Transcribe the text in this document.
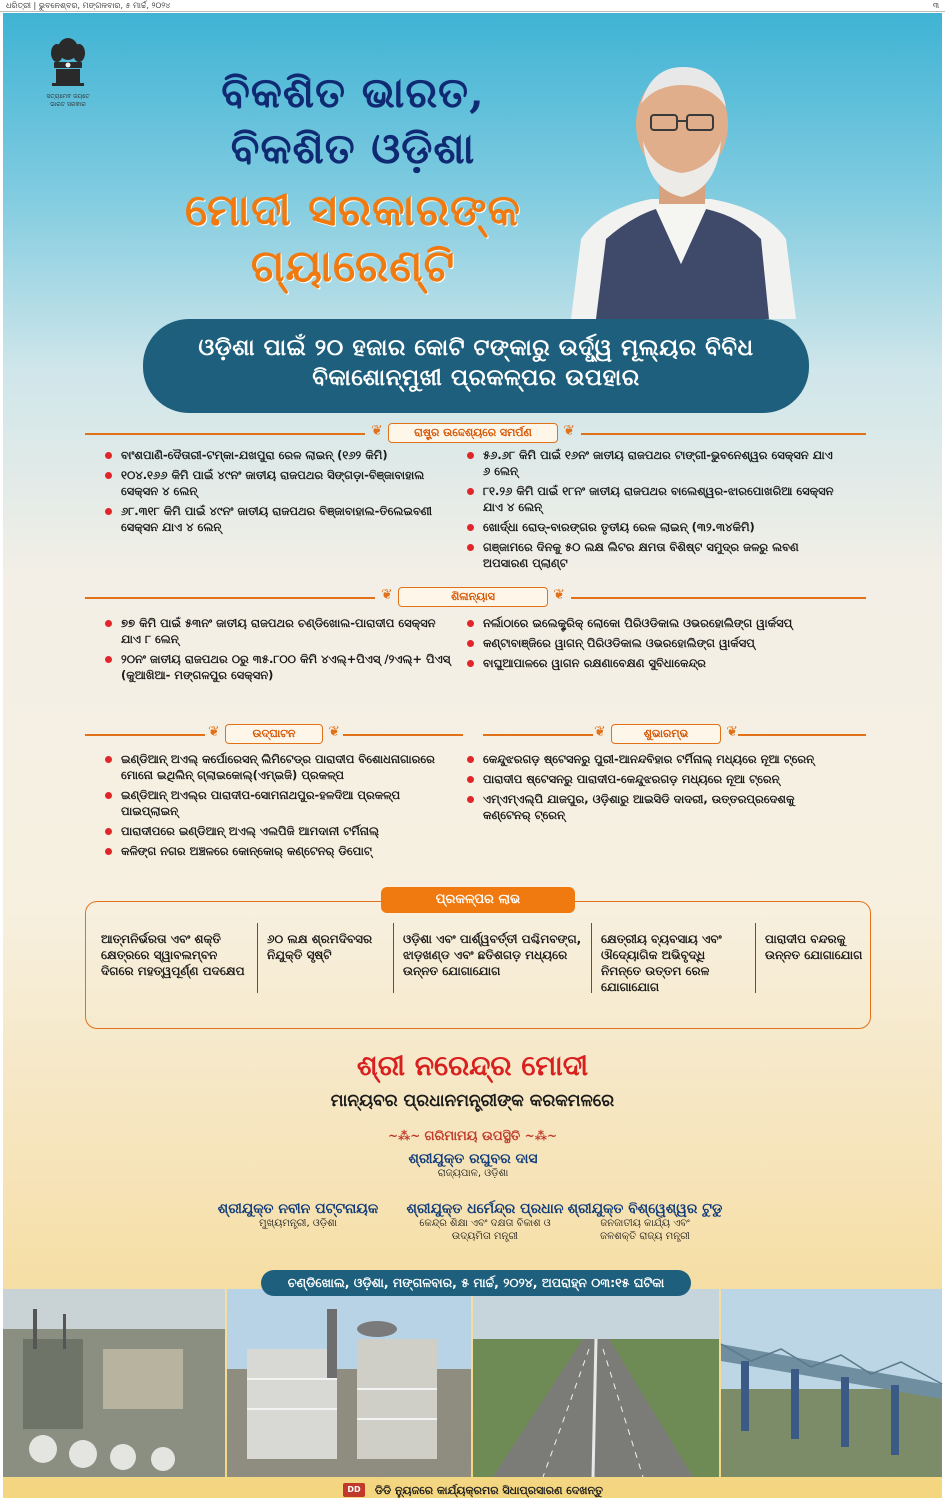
ଧରିତ୍ରୀ | ଭୁବନେଶ୍ବର, ମଙ୍ଗଳବାର, ୫ ମାର୍ଚ୍ଚ, ୨୦୨୪	୩
ସତ୍ୟମେବ ଜୟତେ
ଭାରତ ସରକାର	ବିକଶିତ ଭାରତ,
ବିକଶିତ ଓଡ଼ିଶା
ମୋଦୀ ସରକାରଙ୍କ
ଗ୍ୟାରେଣ୍ଟି
ଓଡ଼ିଶା ପାଇଁ ୨୦ ହଜାର କୋଟି ଟଙ୍କାରୁ ଉର୍ଦ୍ଧ୍ୱ ମୂଲ୍ୟର ବିବିଧ
ବିକାଶୋନ୍ମୁଖୀ ପ୍ରକଳ୍ପର ଉପହାର
❦ ରାଷ୍ଟ୍ର ଉଦ୍ଦେଶ୍ୟରେ ସମର୍ପଣ ❦
ବାଂଶପାଣି-ଦୈତାରୀ-ଟମ୍କା-ଯଖପୁରା ରେଳ ଲାଇନ୍ (୧୬୨ କିମି)
୧୦୪.୧୬୬ କିମି ପାଇଁ ୪୯ନଂ ଜାତୀୟ ରାଜପଥର ସିଙ୍ଗଡ଼ା-ବିଞ୍ଜାବାହାଲ ସେକ୍ସନ ୪ ଲେନ୍
୬୮.୩୧୮ କିମି ପାଇଁ ୪୯ନଂ ଜାତୀୟ ରାଜପଥର ବିଞ୍ଜାବାହାଲ-ତିଲେଇବଣୀ ସେକ୍ସନ ଯାଏ ୪ ଲେନ୍
୫୬.୬୮ କିମି ପାଇଁ ୧୬ନଂ ଜାତୀୟ ରାଜପଥର ଟାଙ୍ଗୀ-ଭୁବନେଶ୍ୱର ସେକ୍ସନ ଯାଏ ୬ ଲେନ୍
୮୧.୨୬ କିମି ପାଇଁ ୧୮ନଂ ଜାତୀୟ ରାଜପଥର ବାଲେଶ୍ୱର-ଝାରପୋଖରିଆ ସେକ୍ସନ ଯାଏ ୪ ଲେନ୍
ଖୋର୍ଦ୍ଧା ରୋଡ୍-ବାରଙ୍ଗର ତୃତୀୟ ରେଳ ଲାଇନ୍ (୩୨.୩୪କିମି)
ଗଞ୍ଜାମରେ ଦିନକୁ ୫୦ ଲକ୍ଷ ଲିଟର କ୍ଷମତା ବିଶିଷ୍ଟ ସମୁଦ୍ର ଜଳରୁ ଲବଣ ଅପସାରଣ ପ୍ଲାଣ୍ଟ
❦ ଶିଳାନ୍ୟାସ ❦
୭୭ କିମି ପାଇଁ ୫୩ନଂ ଜାତୀୟ ରାଜପଥର ଚଣ୍ଡିଖୋଲ-ପାରାଦୀପ ସେକ୍ସନ ଯାଏ ୮ ଲେନ୍
୨୦ନଂ ଜାତୀୟ ରାଜପଥର ୦ରୁ ୩୫.୮୦୦ କିମି ୪ଏଲ୍+ପିଏସ୍ /୨ଏଲ୍+ ପିଏସ୍ (କୁଆଖିଆ- ମଙ୍ଗଳପୁର ସେକ୍ସନ)
ନର୍ଲାଠାରେ ଇଲେକ୍ଟ୍ରିକ୍ ଲୋକୋ ପିରିଓଡିକାଲ ଓଭରହୋଲିଙ୍ଗ ୱାର୍କସପ୍
କଣ୍ଟାବାଞ୍ଜିରେ ୱାଗନ୍ ପିରିଓଡିକାଲ ଓଭରହୋଲିଙ୍ଗ ୱାର୍କସପ୍
ବାଘୁଆପାଳରେ ୱାଗନ ରକ୍ଷଣାବେକ୍ଷଣ ସୁବିଧାକେନ୍ଦ୍ର
❦ ଉଦ୍‌ଘାଟନ ❦
❦	ଶୁଭାରମ୍ଭ ❦
ଇଣ୍ଡିଆନ୍ ଅଏଲ୍ କର୍ପୋରେସନ୍ ଲିମିଟେଡ୍‌ର ପାରାଦୀପ ବିଶୋଧନାଗାରରେ ମୋନୋ ଇଥିଲିନ୍ ଗ୍ଲାଇକୋଲ୍(ଏମ୍‌ଇଜି) ପ୍ରକଳ୍ପ
ଇଣ୍ଡିଆନ୍ ଅଏଲ୍‌ର ପାରାଦୀପ-ସୋମନାଥପୁର-ହଳଦିଆ ପ୍ରକଳ୍ପ ପାଇପ୍‌ଲାଇନ୍
ପାରାଦୀପରେ ଇଣ୍ଡିଆନ୍ ଅଏଲ୍ ଏଲପିଜି ଆମଦାନୀ ଟର୍ମିନାଲ୍
କଳିଙ୍ଗ ନଗର ଅଞ୍ଚଳରେ କୋନ୍‌କୋର୍ କଣ୍ଟେନର୍ ଡିପୋଟ୍
କେନ୍ଦୁଝରଗଡ଼ ଷ୍ଟେସନରୁ ପୁରୀ-ଆନନ୍ଦବିହାର ଟର୍ମିନାଲ୍ ମଧ୍ୟରେ ନୂଆ ଟ୍ରେନ୍
ପାରାଦୀପ ଷ୍ଟେସନରୁ ପାରାଦୀପ-କେନ୍ଦୁଝରଗଡ଼ ମଧ୍ୟରେ ନୂଆ ଟ୍ରେନ୍
ଏମ୍‌ଏମ୍‌ଏଲ୍‌ପି ଯାଜପୁର, ଓଡ଼ିଶାରୁ ଆଇସିଡି ଦାଦରୀ, ଉତ୍ତରପ୍ରଦେଶକୁ କଣ୍ଟେନର୍ ଟ୍ରେନ୍
ପ୍ରକଳ୍ପର ଲାଭ
ଆତ୍ମନିର୍ଭରତା ଏବଂ ଶକ୍ତି କ୍ଷେତ୍ରରେ ସ୍ୱାବଲମ୍ବନ ଦିଗରେ ମହତ୍ୱପୂର୍ଣ୍ଣ ପଦକ୍ଷେପ
୬୦ ଲକ୍ଷ ଶ୍ରମଦିବସର ନିଯୁକ୍ତି ସୃଷ୍ଟି
ଓଡ଼ିଶା ଏବଂ ପାର୍ଶ୍ୱବର୍ତ୍ତୀ ପଶ୍ଚିମବଙ୍ଗ, ଝାଡ଼ଖଣ୍ଡ ଏବଂ ଛତିଶଗଡ଼ ମଧ୍ୟରେ ଉନ୍ନତ ଯୋଗାଯୋଗ
କ୍ଷେତ୍ରୀୟ ବ୍ୟବସାୟ ଏବଂ ଔଦ୍ୟୋଗିକ ଅଭିବୃଦ୍ଧି ନିମନ୍ତେ ଉତ୍ତମ ରେଳ ଯୋଗାଯୋଗ
ପାରାଦୀପ ବନ୍ଦରକୁ ଉନ୍ନତ ଯୋଗାଯୋଗ
ଶ୍ରୀ ନରେନ୍ଦ୍ର ମୋଦୀ
ମାନ୍ୟବର ପ୍ରଧାନମନ୍ତ୍ରୀଙ୍କ କରକମଳରେ
~⁂~ ଗରିମାମୟ ଉପସ୍ଥିତି ~⁂~
ଶ୍ରୀଯୁକ୍ତ ରଘୁବର ଦାସ
ରାଜ୍ୟପାଳ, ଓଡ଼ିଶା
ଶ୍ରୀଯୁକ୍ତ ନବୀନ ପଟ୍ଟନାୟକ
ମୁଖ୍ୟମନ୍ତ୍ରୀ, ଓଡ଼ିଶା
ଶ୍ରୀଯୁକ୍ତ ଧର୍ମେନ୍ଦ୍ର ପ୍ରଧାନ
କେନ୍ଦ୍ର ଶିକ୍ଷା ଏବଂ ଦକ୍ଷତା ବିକାଶ ଓ
ଉଦ୍ୟମିତା ମନ୍ତ୍ରୀ
ଶ୍ରୀଯୁକ୍ତ ବିଶ୍ୱେଶ୍ୱର ଟୁଡୁ
ଜନଜାତୀୟ କାର୍ଯ୍ୟ ଏବଂ
ଜଳଶକ୍ତି ରାଜ୍ୟ ମନ୍ତ୍ରୀ
ଚଣ୍ଡିଖୋଲ, ଓଡ଼ିଶା, ମଙ୍ଗଳବାର, ୫ ମାର୍ଚ୍ଚ, ୨୦୨୪, ଅପରାହ୍ନ ୦୩:୧୫ ଘଟିକା
DD NEWS ଡିଡି ନ୍ୟୁଜରେ କାର୍ଯ୍ୟକ୍ରମର ସିଧାପ୍ରସାରଣ ଦେଖନ୍ତୁ
